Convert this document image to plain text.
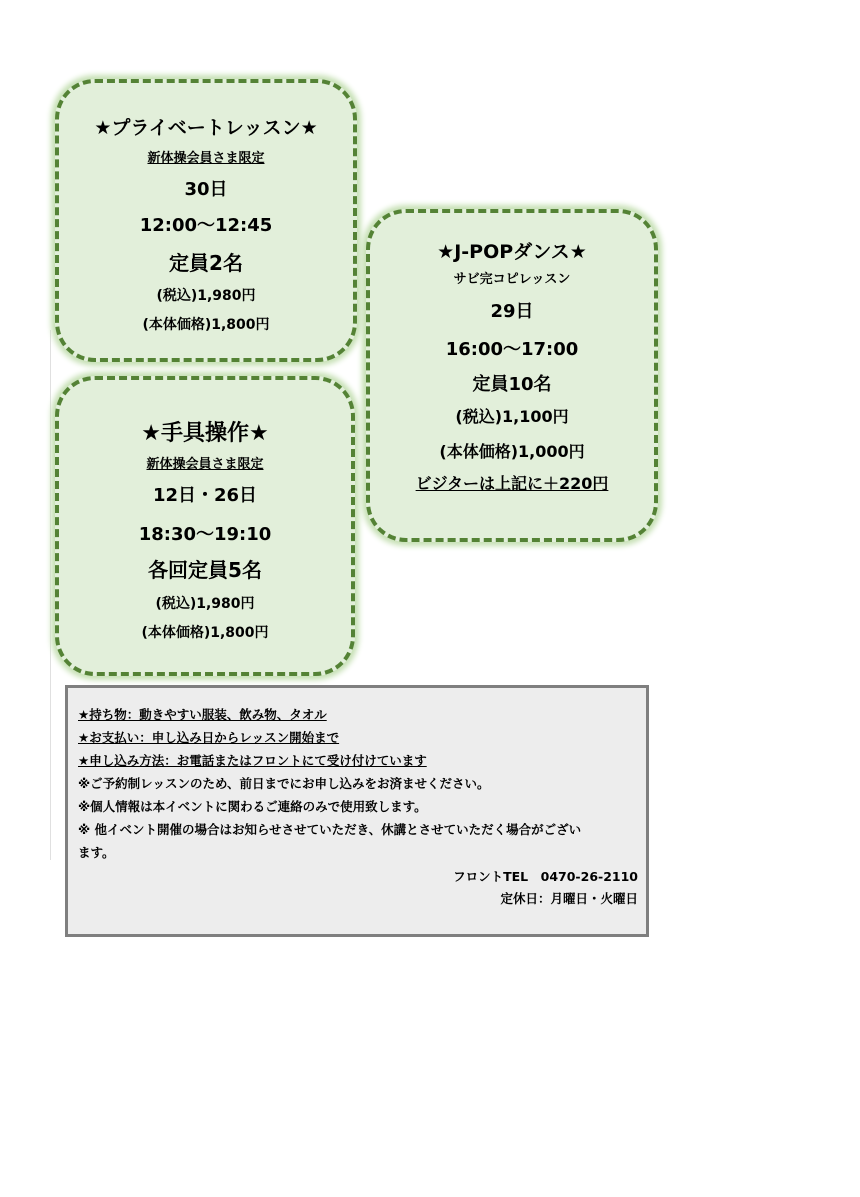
★プライベートレッスン★
新体操会員さま限定
30日
12:00～12:45
定員2名
(税込)1,980円
(本体価格)1,800円
★手具操作★
新体操会員さま限定
12日・26日
18:30～19:10
各回定員5名
(税込)1,980円
(本体価格)1,800円
★J-POPダンス★
サビ完コピレッスン
29日
16:00～17:00
定員10名
(税込)1,100円
(本体価格)1,000円
ビジターは上記に＋220円
★持ち物：動きやすい服装、飲み物、タオル
★お支払い：申し込み日からレッスン開始まで
★申し込み方法：お電話またはフロントにて受け付けています
※ご予約制レッスンのため、前日までにお申し込みをお済ませください。
※個人情報は本イベントに関わるご連絡のみで使用致します。
※ 他イベント開催の場合はお知らせさせていただき、休講とさせていただく場合がござい
ます。
フロントTEL　0470-26-2110
定休日：月曜日・火曜日
